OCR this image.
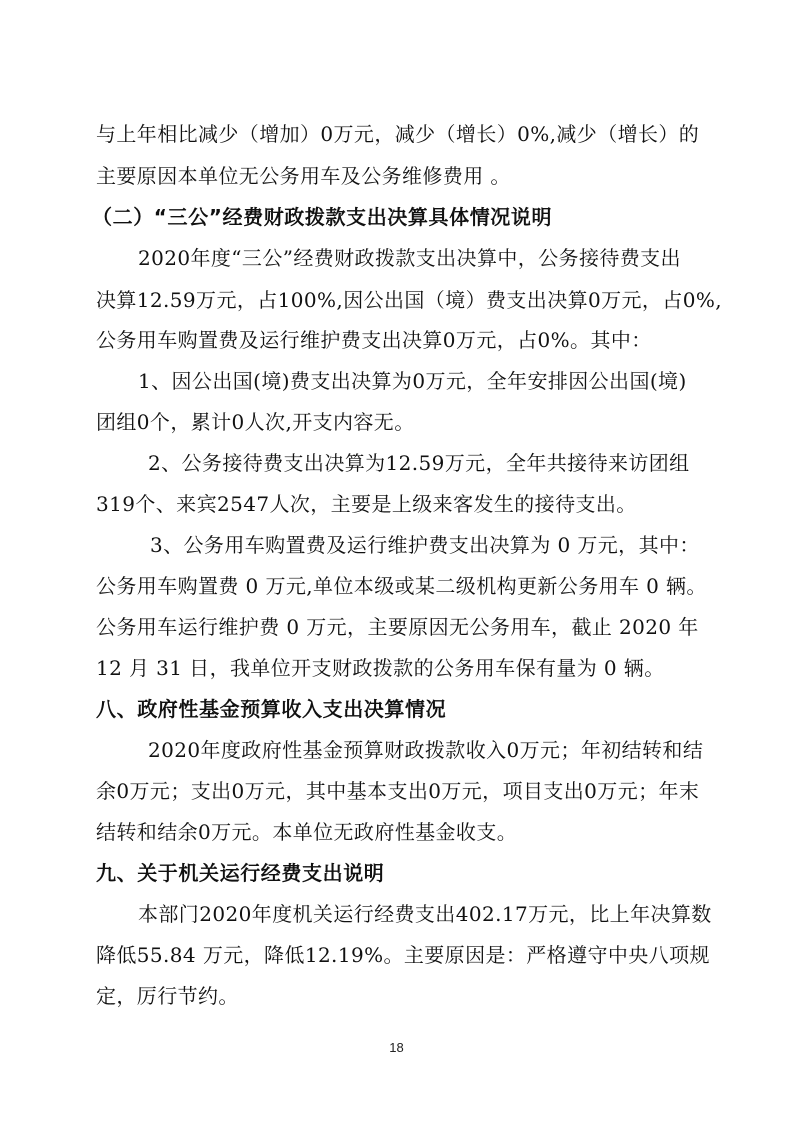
与上年相比减少（增加）0万元，减少（增长）0%,减少（增长）的
主要原因本单位无公务用车及公务维修费用 。
（二）“三公”经费财政拨款支出决算具体情况说明
2020年度“三公”经费财政拨款支出决算中，公务接待费支出
决算12.59万元，占100%,因公出国（境）费支出决算0万元，占0%,
公务用车购置费及运行维护费支出决算0万元，占0%。其中：
1、因公出国(境)费支出决算为0万元，全年安排因公出国(境)
团组0个，累计0人次,开支内容无。
2、公务接待费支出决算为12.59万元，全年共接待来访团组
319个、来宾2547人次，主要是上级来客发生的接待支出。
3、公务用车购置费及运行维护费支出决算为 0 万元，其中：
公务用车购置费 0 万元,单位本级或某二级机构更新公务用车 0 辆。
公务用车运行维护费 0 万元，主要原因无公务用车，截止 2020 年
12 月 31 日，我单位开支财政拨款的公务用车保有量为 0 辆。
八、政府性基金预算收入支出决算情况
2020年度政府性基金预算财政拨款收入0万元；年初结转和结
余0万元；支出0万元，其中基本支出0万元，项目支出0万元；年末
结转和结余0万元。本单位无政府性基金收支。
九、关于机关运行经费支出说明
本部门2020年度机关运行经费支出402.17万元，比上年决算数
降低55.84 万元，降低12.19%。主要原因是：严格遵守中央八项规
定，厉行节约。
18
